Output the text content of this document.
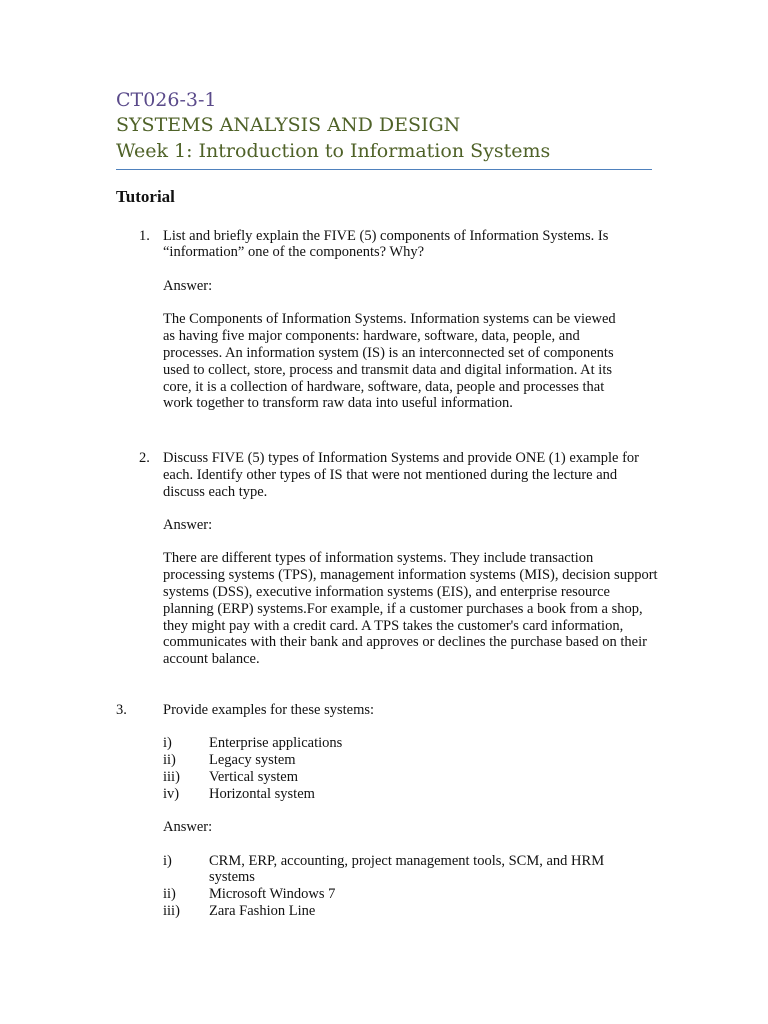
CT026-3-1
SYSTEMS ANALYSIS AND DESIGN
Week 1: Introduction to Information Systems
Tutorial

1. List and briefly explain the FIVE (5) components of Information Systems. Is

“information” one of the components? Why?

Answer:

The Components of Information Systems. Information systems can be viewed

as having five major components: hardware, software, data, people, and

processes. An information system (IS) is an interconnected set of components

used to collect, store, process and transmit data and digital information. At its

core, it is a collection of hardware, software, data, people and processes that

work together to transform raw data into useful information.

2. Discuss FIVE (5) types of Information Systems and provide ONE (1) example for

each. Identify other types of IS that were not mentioned during the lecture and

discuss each type.

Answer:

There are different types of information systems. They include transaction

processing systems (TPS), management information systems (MIS), decision support

systems (DSS), executive information systems (EIS), and enterprise resource

planning (ERP) systems.For example, if a customer purchases a book from a shop,

they might pay with a credit card. A TPS takes the customer's card information,

communicates with their bank and approves or declines the purchase based on their

account balance.

3. Provide examples for these systems:

i)	Enterprise applications

ii) Legacy system

iii) Vertical system

iv) Horizontal system

Answer:

i)	CRM, ERP, accounting, project management tools, SCM, and HRM

systems

ii) Microsoft Windows 7

iii) Zara Fashion Line
